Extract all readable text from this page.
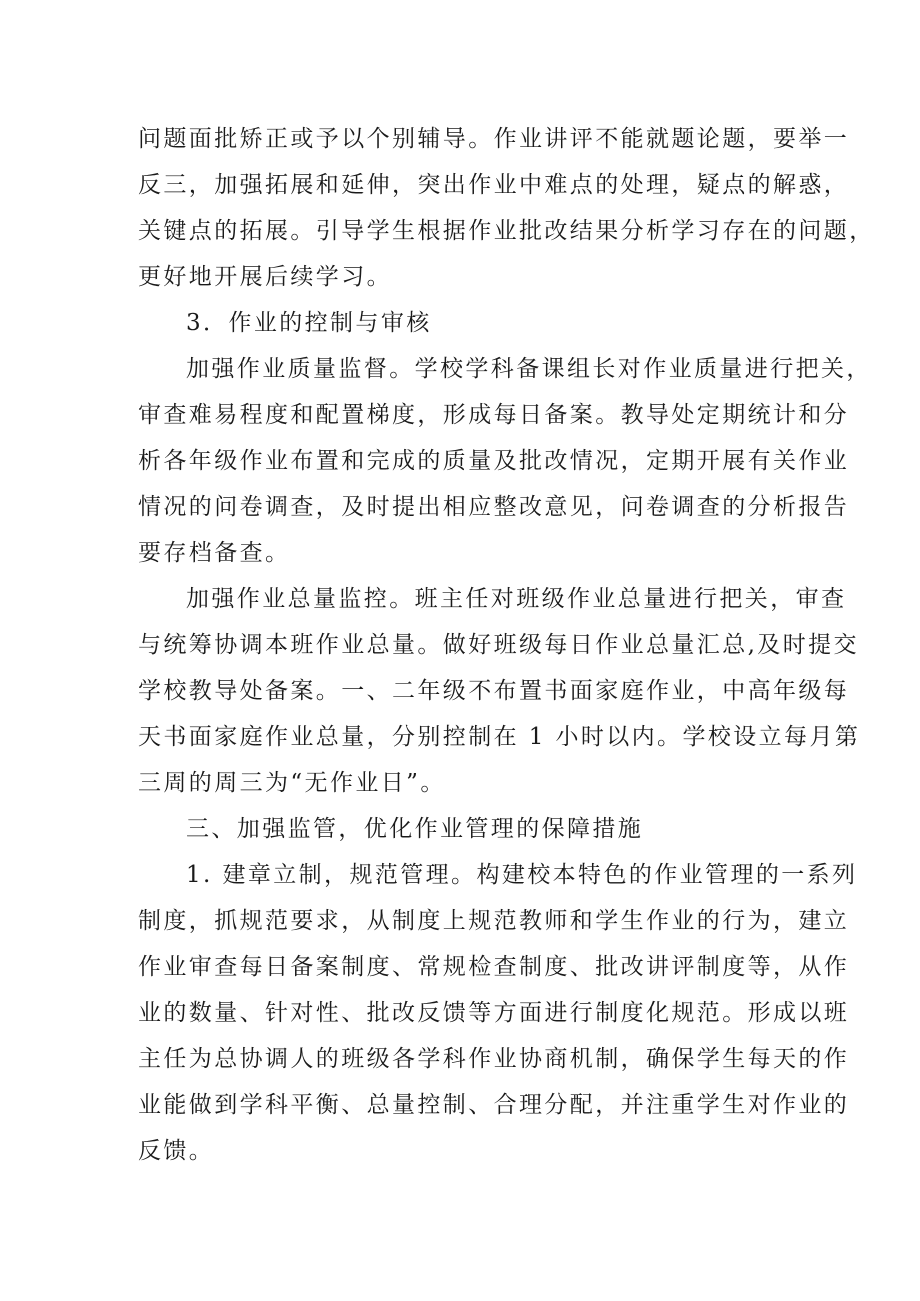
问题面批矫正或予以个别辅导。作业讲评不能就题论题，要举一
反三，加强拓展和延伸，突出作业中难点的处理，疑点的解惑，
关键点的拓展。引导学生根据作业批改结果分析学习存在的问题，
更好地开展后续学习。
3．作业的控制与审核
加强作业质量监督。学校学科备课组长对作业质量进行把关，
审查难易程度和配置梯度，形成每日备案。教导处定期统计和分
析各年级作业布置和完成的质量及批改情况，定期开展有关作业
情况的问卷调查，及时提出相应整改意见，问卷调查的分析报告
要存档备查。
加强作业总量监控。班主任对班级作业总量进行把关，审查
与统筹协调本班作业总量。做好班级每日作业总量汇总,及时提交
学校教导处备案。一、二年级不布置书面家庭作业，中高年级每
天书面家庭作业总量，分别控制在 1 小时以内。学校设立每月第
三周的周三为“无作业日”。
三、加强监管，优化作业管理的保障措施
1. 建章立制，规范管理。构建校本特色的作业管理的一系列
制度，抓规范要求，从制度上规范教师和学生作业的行为，建立
作业审查每日备案制度、常规检查制度、批改讲评制度等，从作
业的数量、针对性、批改反馈等方面进行制度化规范。形成以班
主任为总协调人的班级各学科作业协商机制，确保学生每天的作
业能做到学科平衡、总量控制、合理分配，并注重学生对作业的
反馈。
